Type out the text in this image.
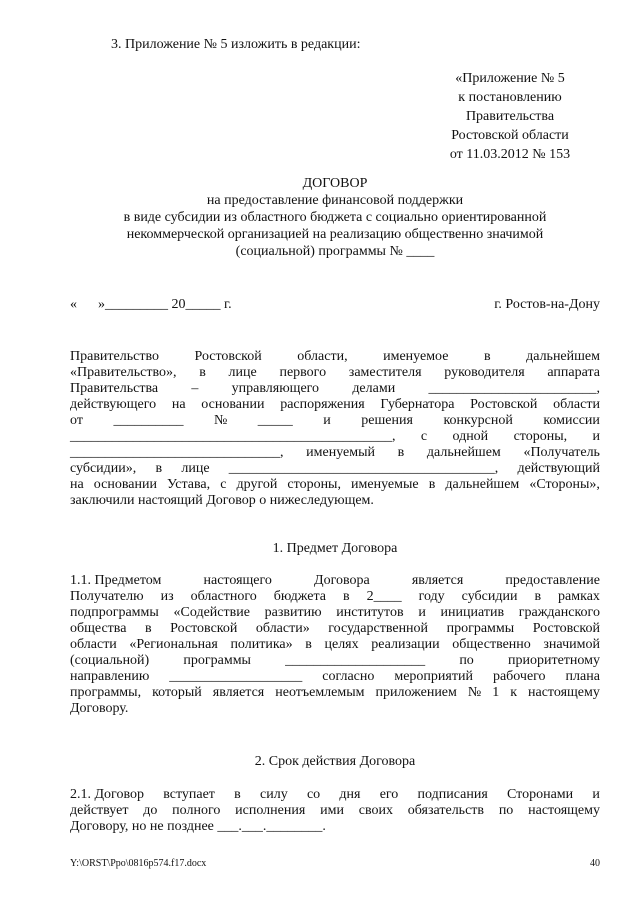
3. Приложение № 5 изложить в редакции:
«Приложение № 5
к постановлению
Правительства
Ростовской области
от 11.03.2012 № 153
ДОГОВОР
на предоставление финансовой поддержки
в виде субсидии из областного бюджета с социально ориентированной
некоммерческой организацией на реализацию общественно значимой
(социальной) программы № ____
«      »_________ 20_____ г.	г. Ростов-на-Дону
Правительство	Ростовской	области,	именуемое	в	дальнейшем
«Правительство», в лице первого заместителя руководителя аппарата
Правительства – управляющего делами ________________________,
действующего на основании распоряжения Губернатора Ростовской области
от __________ № _____ и решения конкурсной комиссии
______________________________________________, с одной стороны, и
______________________________, именуемый в дальнейшем «Получатель
субсидии», в лице ______________________________________, действующий
на основании Устава, с другой стороны, именуемые в дальнейшем «Стороны»,
заключили настоящий Договор о нижеследующем.
1. Предмет Договора
1.1. Предметом	настоящего	Договора	является	предоставление
Получателю из областного бюджета в 2____ году субсидии в рамках
подпрограммы «Содействие развитию институтов и инициатив гражданского
общества в Ростовской области» государственной программы Ростовской
области «Региональная политика» в целях реализации общественно значимой
(социальной) программы ____________________ по приоритетному
направлению ___________________ согласно мероприятий рабочего плана
программы, который является неотъемлемым приложением № 1 к настоящему
Договору.
2. Срок действия Договора
2.1. Договор вступает в силу со дня его подписания Сторонами и
действует до полного исполнения ими своих обязательств по настоящему
Договору, но не позднее ___.___.________.
Y:\ORST\Ppo\0816p574.f17.docx	40
